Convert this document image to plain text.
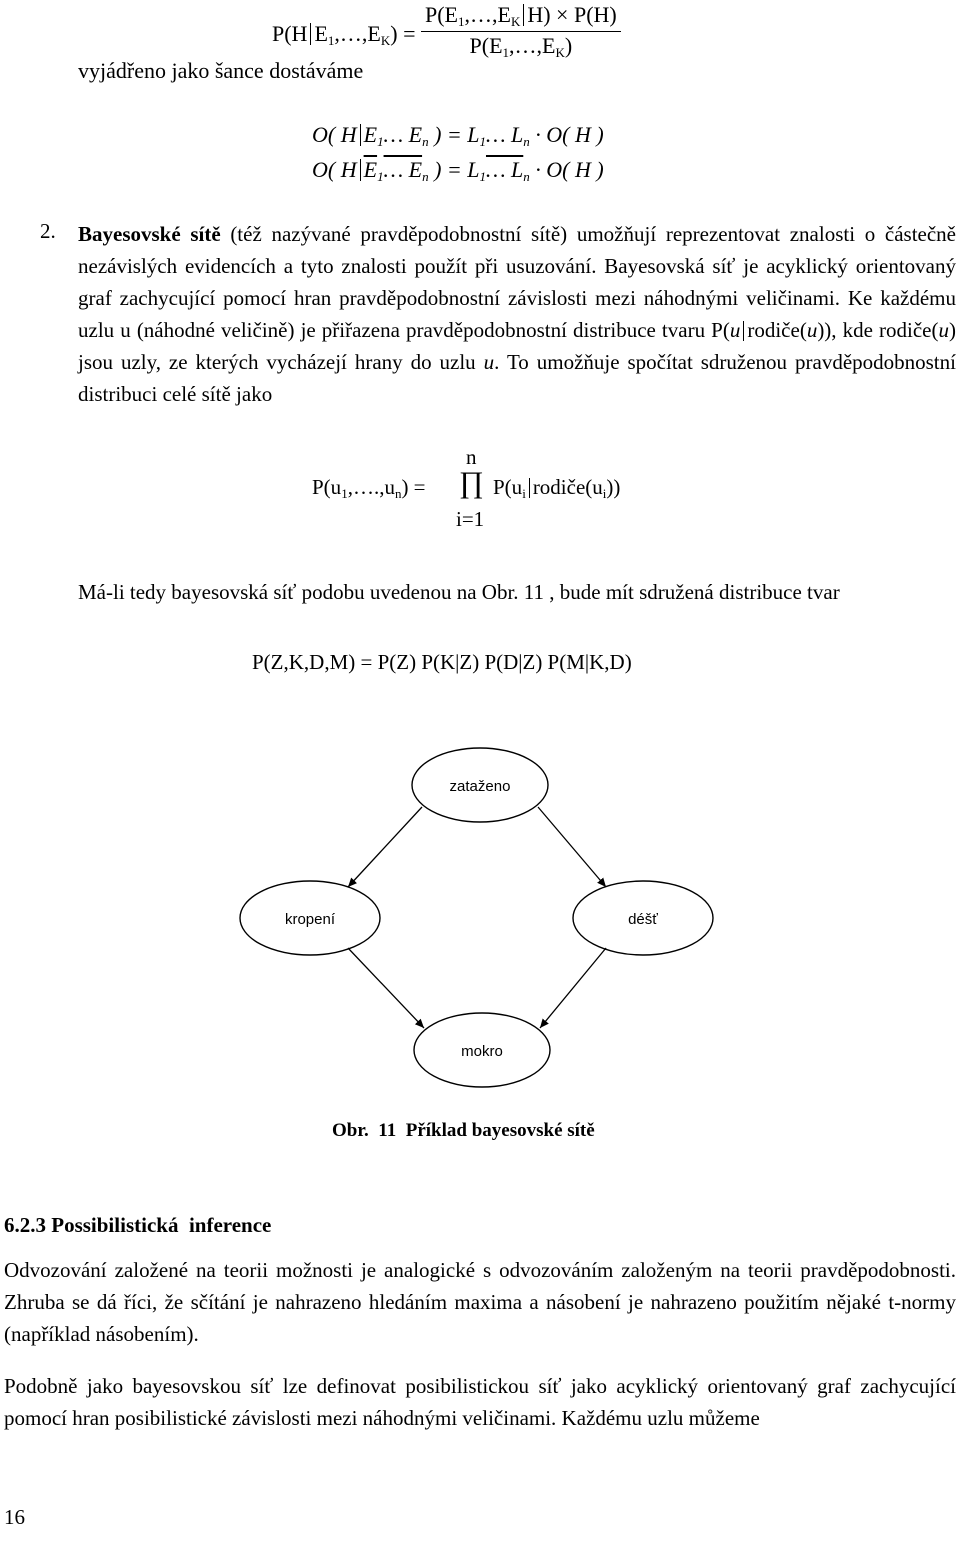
P(H $E_1,\dots,E_K) = \frac{P(E_1,\dots,E_K H) \times P(H)}{P(E_1,\dots,E_K)}$
vyjádřeno jako šance dostáváme
O( H $E_1\dots$ $E_n$ ) = $L_1\dots$ $L_n \cdot O$( H )
O( H $\overline{E}_1\dots$ $E_n$ ) = $L_1\dots$ $L_n \cdot O$( H )
2. Bayesovské sítě (též nazývané pravděpodobnostní sítě) umožňují reprezentovat znalosti o částečně nezávislých evidencích a tyto znalosti použít při usuzování. Bayesovská síť je acyklický orientovaný graf zachycující pomocí hran pravděpodobnostní závislosti mezi náhodnými veličinami. Ke každému uzlu u (náhodné veličině) je přiřazena pravděpodobnostní distribuce tvaru P(u rodiče(u)), kde rodiče(u) jsou uzly, ze kterých vycházejí hrany do uzlu u. To umožňuje spočítat sdruženou pravděpodobnostní distribuci celé sítě jako

n
$P(u_1,\dots.,u_n)$ = ∏ $P(u_i$ $rodiče(u_i)$)
i=1

Má-li tedy bayesovská síť podobu uvedenou na Obr. 11 , bude mít sdružená distribuce tvar

P(Z,K,D,M) = P(Z) P(K|Z) P(D|Z) P(M|K,D)
zataženo
kropení	déšť
mokro
Obr.  11  Příklad bayesovské sítě
6.2.3 Possibilistická  inference

Odvozování založené na teorii možnosti je analogické s odvozováním založeným na teorii pravděpodobnosti. Zhruba se dá říci, že sčítání je nahrazeno hledáním maxima a násobení je nahrazeno použitím nějaké t-normy (například násobením).

Podobně jako bayesovskou síť lze definovat posibilistickou síť jako acyklický orientovaný graf zachycující pomocí hran posibilistické závislosti mezi náhodnými veličinami. Každému uzlu můžeme

16
